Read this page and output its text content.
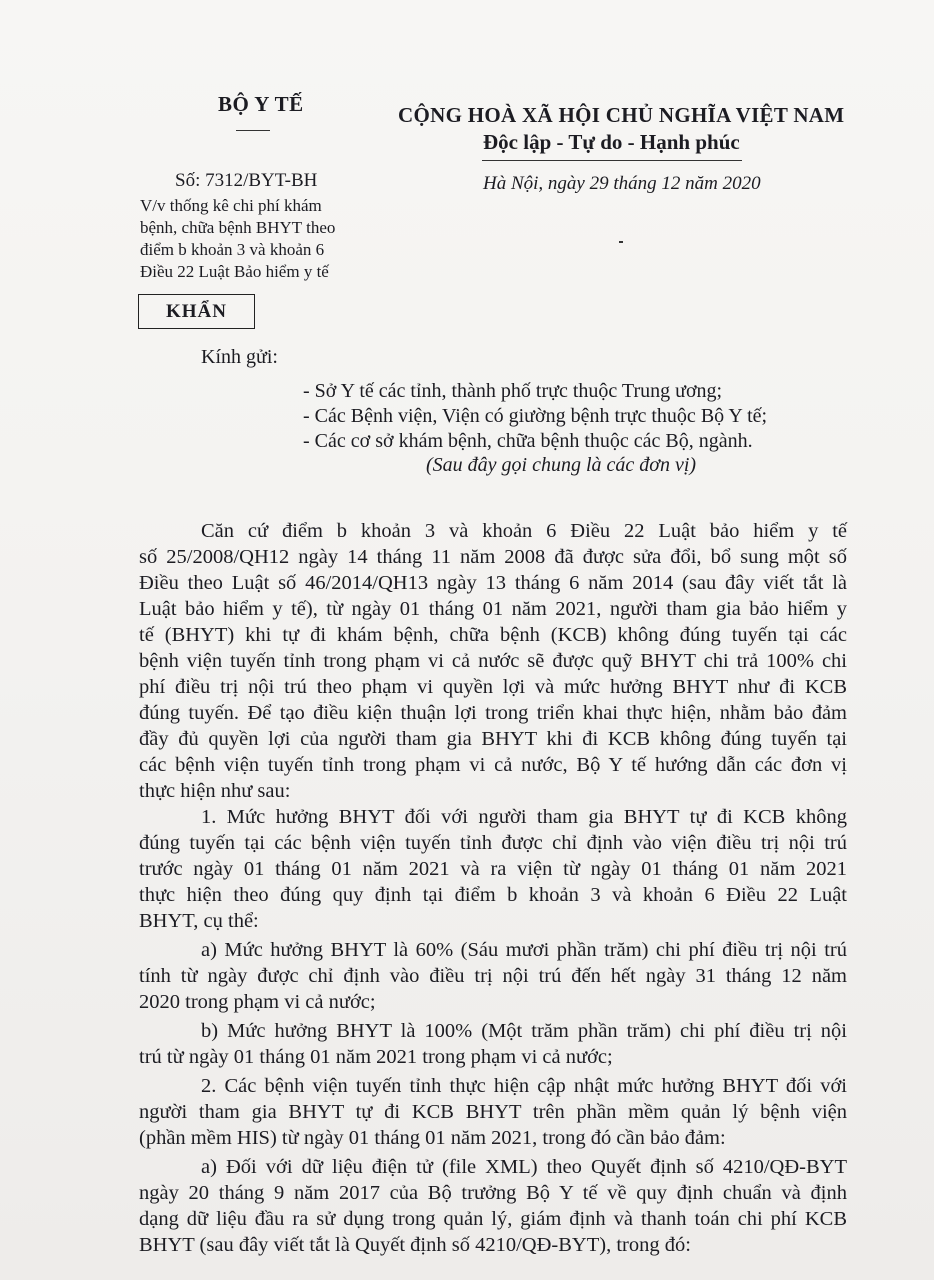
BỘ Y TẾ	CỘNG HOÀ XÃ HỘI CHỦ NGHĨA VIỆT NAM
Độc lập - Tự do - Hạnh phúc
Số: 7312/BYT-BH
V/v thống kê chi phí khám
bệnh, chữa bệnh BHYT theo
điểm b khoản 3 và khoản 6
Điều 22 Luật Bảo hiểm y tế
Hà Nội, ngày 29 tháng 12 năm 2020
KHẨN
Kính gửi:
- Sở Y tế các tỉnh, thành phố trực thuộc Trung ương;
- Các Bệnh viện, Viện có giường bệnh trực thuộc Bộ Y tế;
- Các cơ sở khám bệnh, chữa bệnh thuộc các Bộ, ngành.
(Sau đây gọi chung là các đơn vị)
Căn cứ điểm b khoản 3 và khoản 6 Điều 22 Luật bảo hiểm y tế
số 25/2008/QH12 ngày 14 tháng 11 năm 2008 đã được sửa đổi, bổ sung một số
Điều theo Luật số 46/2014/QH13 ngày 13 tháng 6 năm 2014 (sau đây viết tắt là
Luật bảo hiểm y tế), từ ngày 01 tháng 01 năm 2021, người tham gia bảo hiểm y
tế (BHYT) khi tự đi khám bệnh, chữa bệnh (KCB) không đúng tuyến tại các
bệnh viện tuyến tỉnh trong phạm vi cả nước sẽ được quỹ BHYT chi trả 100% chi
phí điều trị nội trú theo phạm vi quyền lợi và mức hưởng BHYT như đi KCB
đúng tuyến. Để tạo điều kiện thuận lợi trong triển khai thực hiện, nhằm bảo đảm
đầy đủ quyền lợi của người tham gia BHYT khi đi KCB không đúng tuyến tại
các bệnh viện tuyến tỉnh trong phạm vi cả nước, Bộ Y tế hướng dẫn các đơn vị
thực hiện như sau:
1. Mức hưởng BHYT đối với người tham gia BHYT tự đi KCB không
đúng tuyến tại các bệnh viện tuyến tỉnh được chỉ định vào viện điều trị nội trú
trước ngày 01 tháng 01 năm 2021 và ra viện từ ngày 01 tháng 01 năm 2021
thực hiện theo đúng quy định tại điểm b khoản 3 và khoản 6 Điều 22 Luật
BHYT, cụ thể:
a) Mức hưởng BHYT là 60% (Sáu mươi phần trăm) chi phí điều trị nội trú
tính từ ngày được chỉ định vào điều trị nội trú đến hết ngày 31 tháng 12 năm
2020 trong phạm vi cả nước;
b) Mức hưởng BHYT là 100% (Một trăm phần trăm) chi phí điều trị nội
trú từ ngày 01 tháng 01 năm 2021 trong phạm vi cả nước;
2. Các bệnh viện tuyến tỉnh thực hiện cập nhật mức hưởng BHYT đối với
người tham gia BHYT tự đi KCB BHYT trên phần mềm quản lý bệnh viện
(phần mềm HIS) từ ngày 01 tháng 01 năm 2021, trong đó cần bảo đảm:
a) Đối với dữ liệu điện tử (file XML) theo Quyết định số 4210/QĐ-BYT
ngày 20 tháng 9 năm 2017 của Bộ trưởng Bộ Y tế về quy định chuẩn và định
dạng dữ liệu đầu ra sử dụng trong quản lý, giám định và thanh toán chi phí KCB
BHYT (sau đây viết tắt là Quyết định số 4210/QĐ-BYT), trong đó:
